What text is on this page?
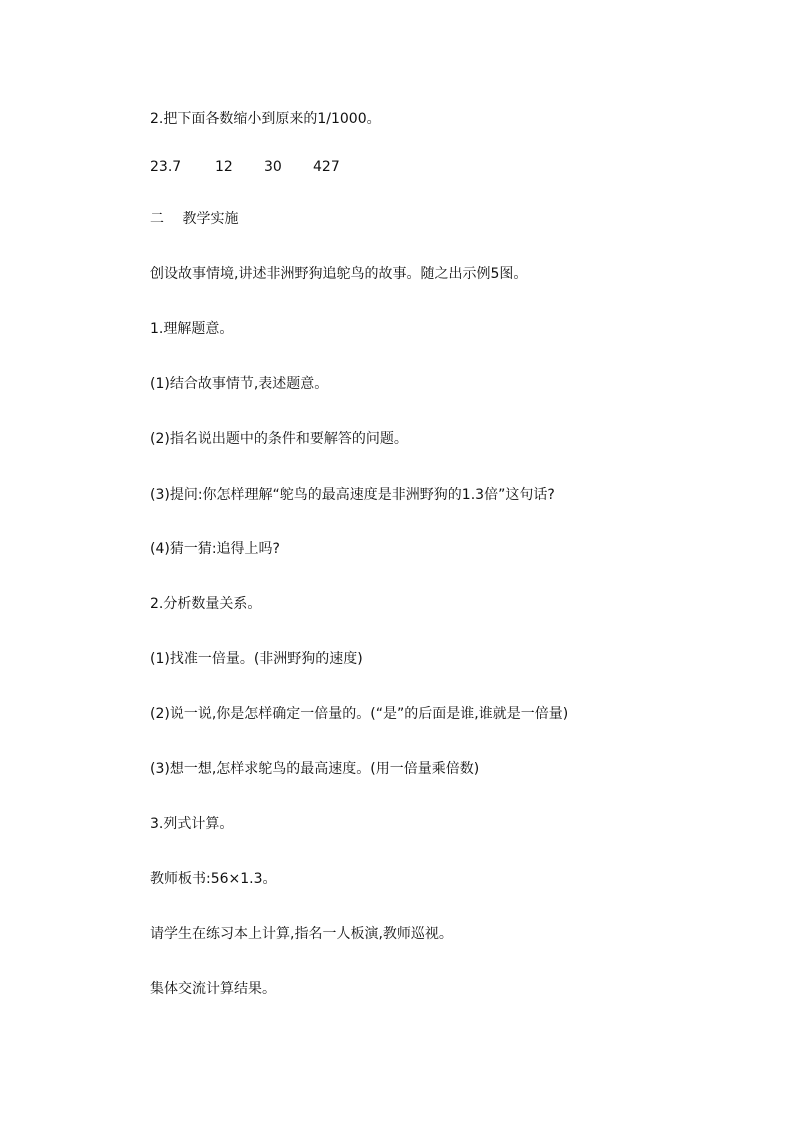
2.把下面各数缩小到原来的1/1000。
23.7 12 30 427
二　 教学实施
创设故事情境,讲述非洲野狗追鸵鸟的故事。随之出示例5图。
1.理解题意。
(1)结合故事情节,表述题意。
(2)指名说出题中的条件和要解答的问题。
(3)提问:你怎样理解“鸵鸟的最高速度是非洲野狗的1.3倍”这句话?
(4)猜一猜:追得上吗?
2.分析数量关系。
(1)找准一倍量。(非洲野狗的速度)
(2)说一说,你是怎样确定一倍量的。(“是”的后面是谁,谁就是一倍量)
(3)想一想,怎样求鸵鸟的最高速度。(用一倍量乘倍数)
3.列式计算。
教师板书:56×1.3。
请学生在练习本上计算,指名一人板演,教师巡视。
集体交流计算结果。
